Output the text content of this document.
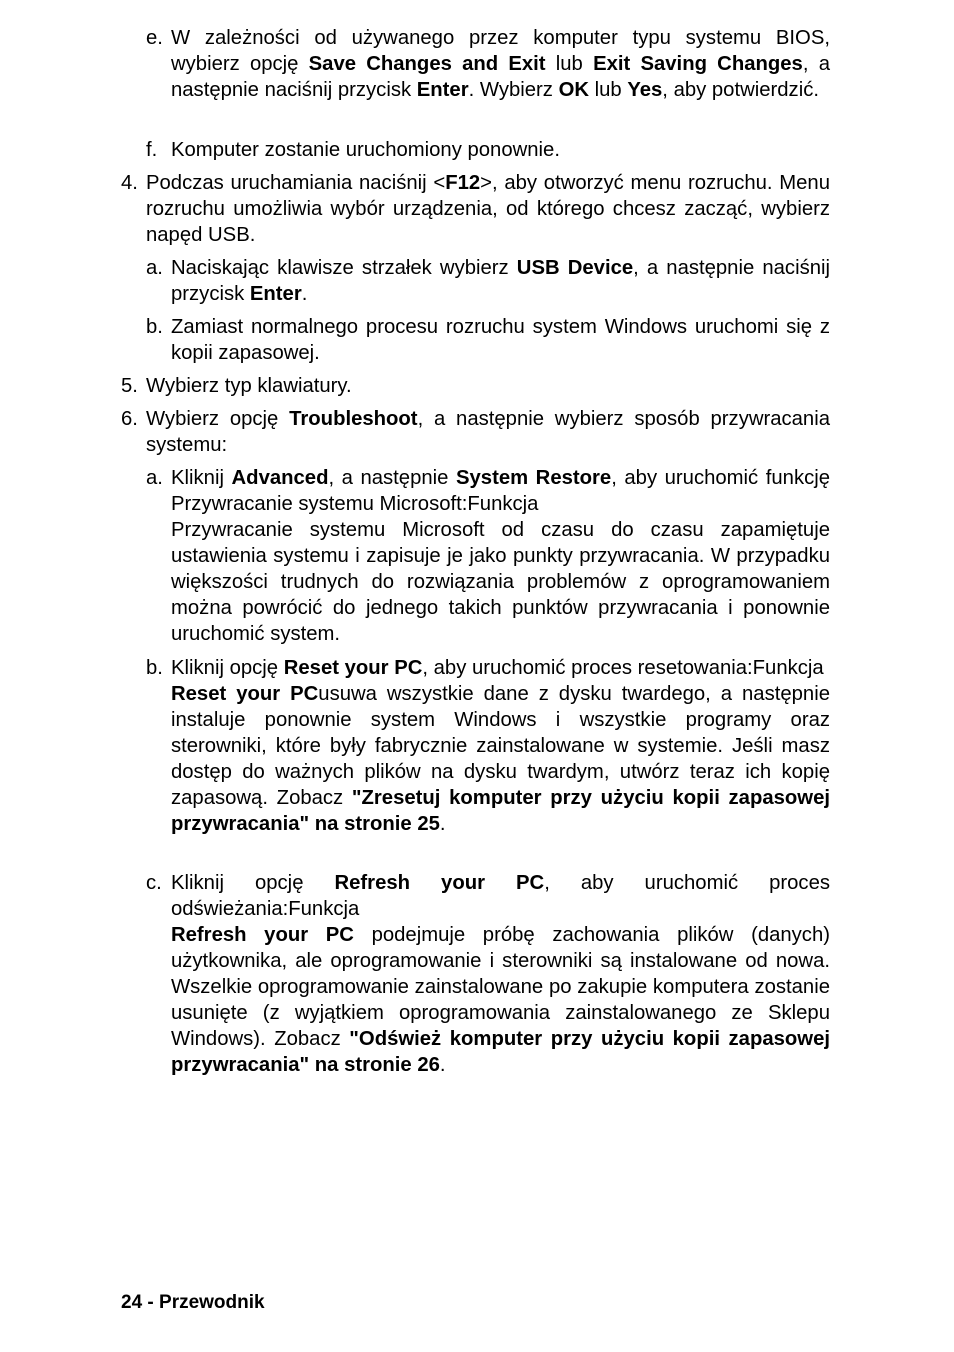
e. W zależności od używanego przez komputer typu systemu BIOS, wybierz opcję Save Changes and Exit lub Exit Saving Changes, a następnie naciśnij przycisk Enter. Wybierz OK lub Yes, aby potwierdzić.

f. Komputer zostanie uruchomiony ponownie.

4. Podczas uruchamiania naciśnij <F12>, aby otworzyć menu rozruchu. Menu rozruchu umożliwia wybór urządzenia, od którego chcesz zacząć, wybierz napęd USB.

a. Naciskając klawisze strzałek wybierz USB Device, a następnie naciśnij przycisk Enter.

b. Zamiast normalnego procesu rozruchu system Windows uruchomi się z kopii zapasowej.

5. Wybierz typ klawiatury.

6. Wybierz opcję Troubleshoot, a następnie wybierz sposób przywracania systemu:

a. Kliknij Advanced, a następnie System Restore, aby uruchomić funkcję Przywracanie systemu Microsoft:Funkcja

Przywracanie systemu Microsoft od czasu do czasu zapamiętuje ustawienia systemu i zapisuje je jako punkty przywracania. W przypadku większości trudnych do rozwiązania problemów z oprogramowaniem można powrócić do jednego takich punktów przywracania i ponownie uruchomić system.

b. Kliknij opcję Reset your PC, aby uruchomić proces resetowania:Funkcja

Reset your PCusuwa wszystkie dane z dysku twardego, a następnie instaluje ponownie system Windows i wszystkie programy oraz sterowniki, które były fabrycznie zainstalowane w systemie. Jeśli masz dostęp do ważnych plików na dysku twardym, utwórz teraz ich kopię zapasową. Zobacz "Zresetuj komputer przy użyciu kopii zapasowej przywracania" na stronie 25.

c. Kliknij opcję Refresh your PC, aby uruchomić proces odświeżania:Funkcja

Refresh your PC podejmuje próbę zachowania plików (danych) użytkownika, ale oprogramowanie i sterowniki są instalowane od nowa. Wszelkie oprogramowanie zainstalowane po zakupie komputera zostanie usunięte (z wyjątkiem oprogramowania zainstalowanego ze Sklepu Windows). Zobacz "Odśwież komputer przy użyciu kopii zapasowej przywracania" na stronie 26.

24 - Przewodnik
